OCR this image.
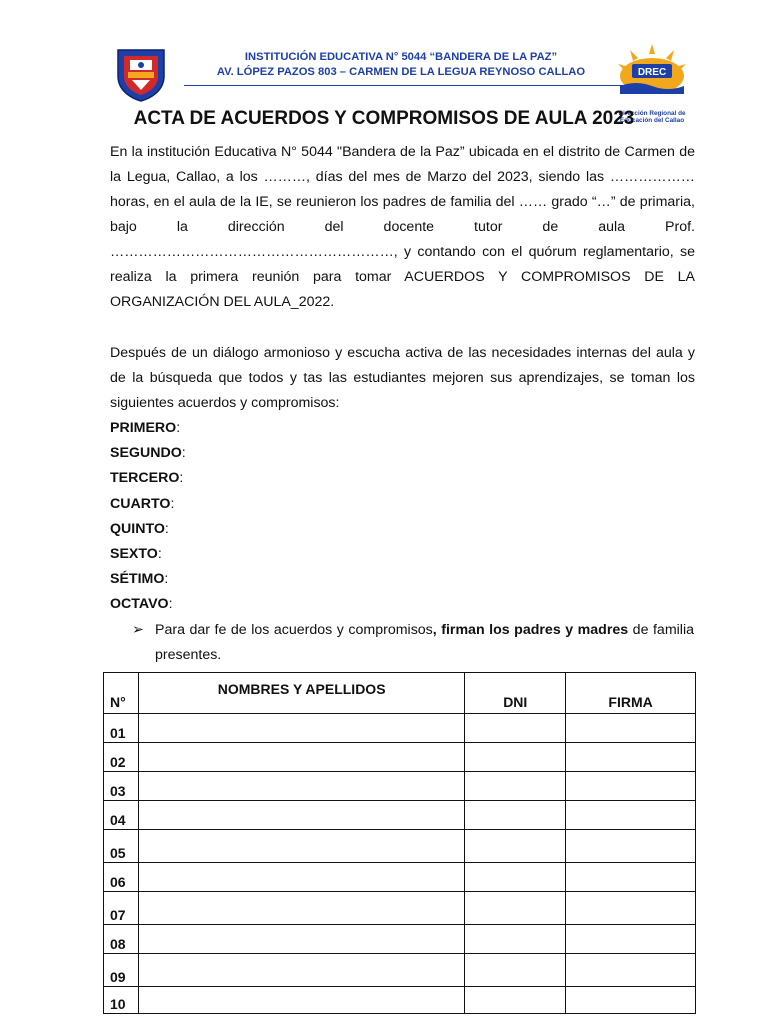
INSTITUCIÓN EDUCATIVA N° 5044 “BANDERA DE LA PAZ”
AV. LÓPEZ PAZOS 803 – CARMEN DE LA LEGUA REYNOSO CALLAO	DREC
Dirección Regional de
Educación del Callao
ACTA DE ACUERDOS Y COMPROMISOS DE AULA 2023
En la institución Educativa N° 5044 "Bandera de la Paz” ubicada en el distrito de Carmen de la Legua, Callao, a los ………, días del mes de Marzo del 2023, siendo las ……………… horas, en el aula de la IE, se reunieron los padres de familia del …… grado “…” de primaria, bajo la dirección del docente tutor de aula Prof. ……………………………………………………, y contando con el quórum reglamentario, se realiza la primera reunión para tomar ACUERDOS Y COMPROMISOS DE LA ORGANIZACIÓN DEL AULA_2022.
Después de un diálogo armonioso y escucha activa de las necesidades internas del aula y de la búsqueda que todos y tas las estudiantes mejoren sus aprendizajes, se toman los siguientes acuerdos y compromisos:
PRIMERO:
SEGUNDO:
TERCERO:
CUARTO:
QUINTO:
SEXTO:
SÉTIMO:
OCTAVO:
➢ Para dar fe de los acuerdos y compromisos, firman los padres y madres de familia presentes.
N°	NOMBRES Y APELLIDOS	DNI	FIRMA
01			
02			
03			
04			
05			
06			
07			
08			
09			
10			
